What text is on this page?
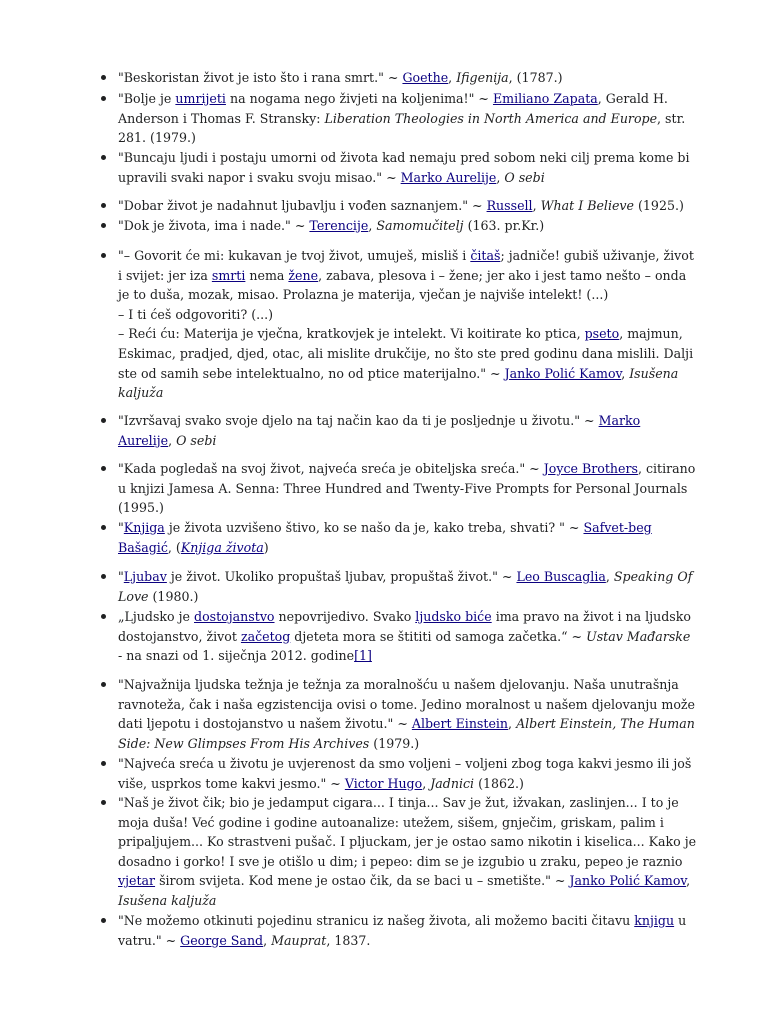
"Beskoristan život je isto što i rana smrt." ~ Goethe, Ifigenija, (1787.)

"Bolje je umrijeti na nogama nego živjeti na koljenima!" ~ Emiliano Zapata, Gerald H. Anderson i Thomas F. Stransky: Liberation Theologies in North America and Europe, str. 281. (1979.)

"Buncaju ljudi i postaju umorni od života kad nemaju pred sobom neki cilj prema kome bi upravili svaki napor i svaku svoju misao." ~ Marko Aurelije, O sebi

"Dobar život je nadahnut ljubavlju i vođen saznanjem." ~ Russell, What I Believe (1925.)

"Dok je života, ima i nade." ~ Terencije, Samomučitelj (163. pr.Kr.)

"– Govorit će mi: kukavan je tvoj život, umuješ, misliš i čitaš; jadniče! gubiš uživanje, život i svijet: jer iza smrti nema žene, zabava, plesova i – žene; jer ako i jest tamo nešto – onda je to duša, mozak, misao. Prolazna je materija, vječan je najviše intelekt! (...)
– I ti ćeš odgovoriti? (...)
– Reći ću: Materija je vječna, kratkovjek je intelekt. Vi koitirate ko ptica, pseto, majmun, Eskimac, pradjed, djed, otac, ali mislite drukčije, no što ste pred godinu dana mislili. Dalji ste od samih sebe intelektualno, no od ptice materijalno." ~ Janko Polić Kamov, Isušena kaljuža

"Izvršavaj svako svoje djelo na taj način kao da ti je posljednje u životu." ~ Marko Aurelije, O sebi

"Kada pogledaš na svoj život, najveća sreća je obiteljska sreća." ~ Joyce Brothers, citirano u knjizi Jamesa A. Senna: Three Hundred and Twenty-Five Prompts for Personal Journals (1995.)

"Knjiga je života uzvišeno štivo, ko se našo da je, kako treba, shvati? " ~ Safvet-beg Bašagić, (Knjiga života)

"Ljubav je život. Ukoliko propuštaš ljubav, propuštaš život." ~ Leo Buscaglia, Speaking Of Love (1980.)

„Ljudsko je dostojanstvo nepovrijedivo. Svako ljudsko biće ima pravo na život i na ljudsko dostojanstvo, život začetog djeteta mora se štititi od samoga začetka.“ ~ Ustav Mađarske - na snazi od 1. siječnja 2012. godine[1]

"Najvažnija ljudska težnja je težnja za moralnošću u našem djelovanju. Naša unutrašnja ravnoteža, čak i naša egzistencija ovisi o tome. Jedino moralnost u našem djelovanju može dati ljepotu i dostojanstvo u našem životu." ~ Albert Einstein, Albert Einstein, The Human Side: New Glimpses From His Archives (1979.)

"Najveća sreća u životu je uvjerenost da smo voljeni – voljeni zbog toga kakvi jesmo ili još više, usprkos tome kakvi jesmo." ~ Victor Hugo, Jadnici (1862.)

"Naš je život čik; bio je jedamput cigara... I tinja... Sav je žut, ižvakan, zaslinjen... I to je moja duša! Već godine i godine autoanalize: utežem, sišem, gnječim, griskam, palim i pripaljujem... Ko strastveni pušač. I pljuckam, jer je ostao samo nikotin i kiselica... Kako je dosadno i gorko! I sve je otišlo u dim; i pepeo: dim se je izgubio u zraku, pepeo je raznio vjetar širom svijeta. Kod mene je ostao čik, da se baci u – smetište." ~ Janko Polić Kamov, Isušena kaljuža

"Ne možemo otkinuti pojedinu stranicu iz našeg života, ali možemo baciti čitavu knjigu u vatru." ~ George Sand, Mauprat, 1837.
